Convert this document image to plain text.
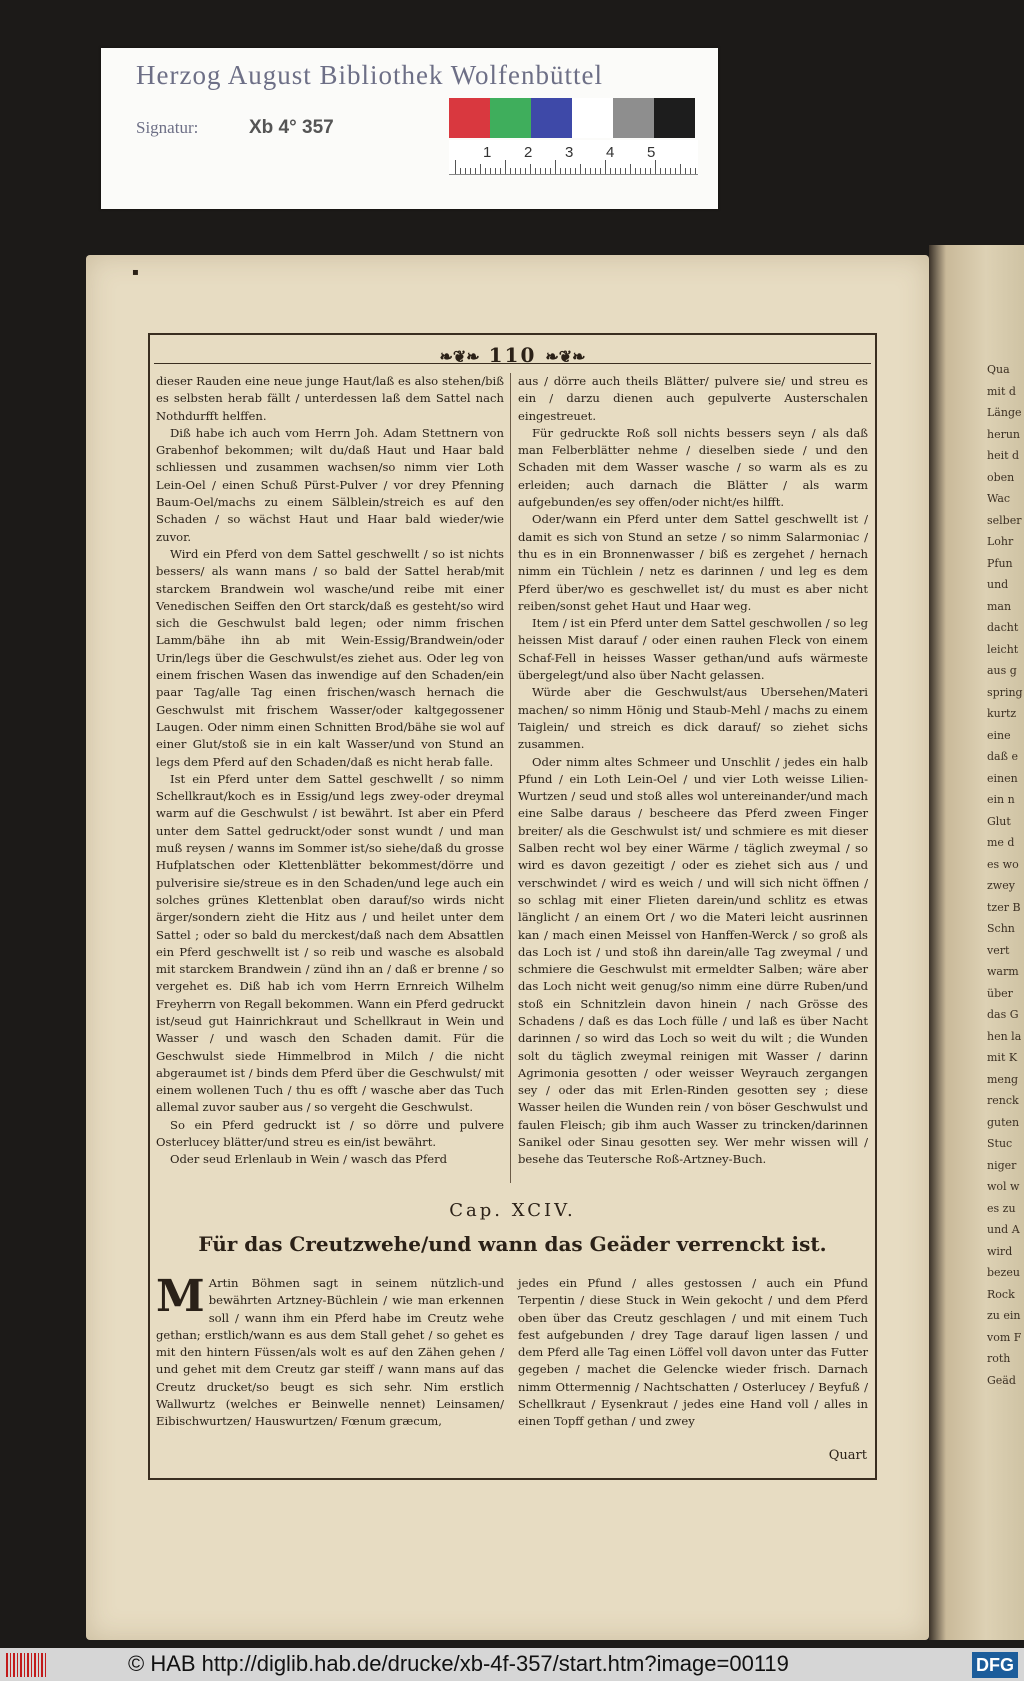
Herzog August Bibliothek Wolfenbüttel
Signatur:	Xb 4° 357
1 2 3 4 5
Qua
mit d
Länge
herun
heit d
oben
Wac
selber
Lohr
Pfun
und
man
dacht
leicht
aus g
spring
kurtz
eine
daß e
einen
ein n
Glut
me d
es wo
zwey
tzer B
Schn
vert
warm
über
das G
hen la
mit K
meng
renck
guten
Stuc
niger
wol w
es zu
und A
wird
bezeu
Rock
zu ein
vom F
roth
Geäd
▪
❧❦❧ 110 ❧❦❧

dieser Rauden eine neue junge Haut/laß es also stehen/biß es selbsten herab fällt / unterdessen laß dem Sattel nach Nothdurfft helffen.

Diß habe ich auch vom Herrn Joh. Adam Stettnern von Grabenhof bekommen; wilt du/daß Haut und Haar bald schliessen und zusammen wachsen/so nimm vier Loth Lein-Oel / einen Schuß Pürst-Pulver / vor drey Pfenning Baum-Oel/machs zu einem Sälblein/streich es auf den Schaden / so wächst Haut und Haar bald wieder/wie zuvor.

Wird ein Pferd von dem Sattel geschwellt / so ist nichts bessers/ als wann mans / so bald der Sattel herab/mit starckem Brandwein wol wasche/und reibe mit einer Venedischen Seiffen den Ort starck/daß es gesteht/so wird sich die Geschwulst bald legen; oder nimm frischen Lamm/bähe ihn ab mit Wein-Essig/Brandwein/oder Urin/legs über die Geschwulst/es ziehet aus. Oder leg von einem frischen Wasen das inwendige auf den Schaden/ein paar Tag/alle Tag einen frischen/wasch hernach die Geschwulst mit frischem Wasser/oder kaltgegossener Laugen. Oder nimm einen Schnitten Brod/bähe sie wol auf einer Glut/stoß sie in ein kalt Wasser/und von Stund an legs dem Pferd auf den Schaden/daß es nicht herab falle.

Ist ein Pferd unter dem Sattel geschwellt / so nimm Schellkraut/koch es in Essig/und legs zwey-oder dreymal warm auf die Geschwulst / ist bewährt. Ist aber ein Pferd unter dem Sattel gedruckt/oder sonst wundt / und man muß reysen / wanns im Sommer ist/so siehe/daß du grosse Hufplatschen oder Klettenblätter bekommest/dörre und pulverisire sie/streue es in den Schaden/und lege auch ein solches grünes Klettenblat oben darauf/so wirds nicht ärger/sondern zieht die Hitz aus / und heilet unter dem Sattel ; oder so bald du merckest/daß nach dem Absattlen ein Pferd geschwellt ist / so reib und wasche es alsobald mit starckem Brandwein / zünd ihn an / daß er brenne / so vergehet es. Diß hab ich vom Herrn Ernreich Wilhelm Freyherrn von Regall bekommen. Wann ein Pferd gedruckt ist/seud gut Hainrichkraut und Schellkraut in Wein und Wasser / und wasch den Schaden damit. Für die Geschwulst siede Himmelbrod in Milch / die nicht abgeraumet ist / binds dem Pferd über die Geschwulst/ mit einem wollenen Tuch / thu es offt / wasche aber das Tuch allemal zuvor sauber aus / so vergeht die Geschwulst.

So ein Pferd gedruckt ist / so dörre und pulvere Osterlucey blätter/und streu es ein/ist bewährt.

Oder seud Erlenlaub in Wein / wasch das Pferd

aus / dörre auch theils Blätter/ pulvere sie/ und streu es ein / darzu dienen auch gepulverte Austerschalen eingestreuet.

Für gedruckte Roß soll nichts bessers seyn / als daß man Felberblätter nehme / dieselben siede / und den Schaden mit dem Wasser wasche / so warm als es zu erleiden; auch darnach die Blätter / als warm aufgebunden/es sey offen/oder nicht/es hilfft.

Oder/wann ein Pferd unter dem Sattel geschwellt ist / damit es sich von Stund an setze / so nimm Salarmoniac / thu es in ein Bronnenwasser / biß es zergehet / hernach nimm ein Tüchlein / netz es darinnen / und leg es dem Pferd über/wo es geschwellet ist/ du must es aber nicht reiben/sonst gehet Haut und Haar weg.

Item / ist ein Pferd unter dem Sattel geschwollen / so leg heissen Mist darauf / oder einen rauhen Fleck von einem Schaf-Fell in heisses Wasser gethan/und aufs wärmeste übergelegt/und also über Nacht gelassen.

Würde aber die Geschwulst/aus Ubersehen/Materi machen/ so nimm Hönig und Staub-Mehl / machs zu einem Taiglein/ und streich es dick darauf/ so ziehet sichs zusammen.

Oder nimm altes Schmeer und Unschlit / jedes ein halb Pfund / ein Loth Lein-Oel / und vier Loth weisse Lilien-Wurtzen / seud und stoß alles wol untereinander/und mach eine Salbe daraus / bescheere das Pferd zween Finger breiter/ als die Geschwulst ist/ und schmiere es mit dieser Salben recht wol bey einer Wärme / täglich zweymal / so wird es davon gezeitigt / oder es ziehet sich aus / und verschwindet / wird es weich / und will sich nicht öffnen / so schlag mit einer Flieten darein/und schlitz es etwas länglicht / an einem Ort / wo die Materi leicht ausrinnen kan / mach einen Meissel von Hanffen-Werck / so groß als das Loch ist / und stoß ihn darein/alle Tag zweymal / und schmiere die Geschwulst mit ermeldter Salben; wäre aber das Loch nicht weit genug/so nimm eine dürre Ruben/und stoß ein Schnitzlein davon hinein / nach Grösse des Schadens / daß es das Loch fülle / und laß es über Nacht darinnen / so wird das Loch so weit du wilt ; die Wunden solt du täglich zweymal reinigen mit Wasser / darinn Agrimonia gesotten / oder weisser Weyrauch zergangen sey / oder das mit Erlen-Rinden gesotten sey ; diese Wasser heilen die Wunden rein / von böser Geschwulst und faulen Fleisch; gib ihm auch Wasser zu trincken/darinnen Sanikel oder Sinau gesotten sey. Wer mehr wissen will / besehe das Teutersche Roß-Artzney-Buch.

Cap. XCIV.
Für das Creutzwehe/und wann das Geäder verrenckt ist.
M Artin Böhmen sagt in seinem nützlich-und bewährten Artzney-Büchlein / wie man erkennen soll / wann ihm ein Pferd habe im Creutz wehe gethan; erstlich/wann es aus dem Stall gehet / so gehet es mit den hintern Füssen/als wolt es auf den Zähen gehen / und gehet mit dem Creutz gar steiff / wann mans auf das Creutz drucket/so beugt es sich sehr. Nim erstlich Wallwurtz (welches er Beinwelle nennet) Leinsamen/ Eibischwurtzen/ Hauswurtzen/ Fœnum græcum,
jedes ein Pfund / alles gestossen / auch ein Pfund Terpentin / diese Stuck in Wein gekocht / und dem Pferd oben über das Creutz geschlagen / und mit einem Tuch fest aufgebunden / drey Tage darauf ligen lassen / und dem Pferd alle Tag einen Löffel voll davon unter das Futter gegeben / machet die Gelencke wieder frisch. Darnach nimm Ottermennig / Nachtschatten / Osterlucey / Beyfuß / Schellkraut / Eysenkraut / jedes eine Hand voll / alles in einen Topff gethan / und zwey
Quart
© HAB http://diglib.hab.de/drucke/xb-4f-357/start.htm?image=00119	DFG
